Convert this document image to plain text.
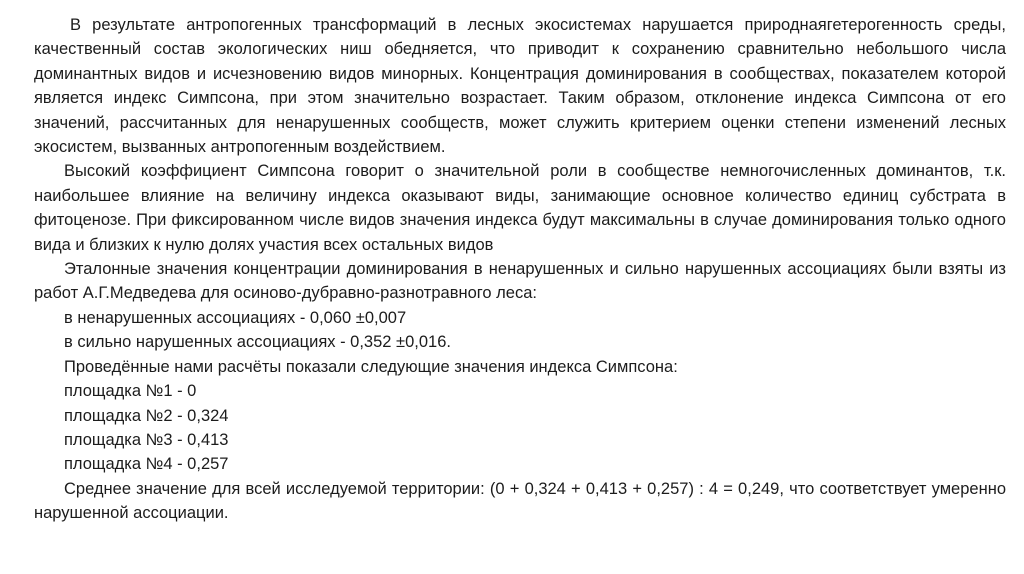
В результате антропогенных трансформаций в лесных экосистемах нарушается природнаягетерогенность среды, качественный состав экологических ниш обедняется, что приводит к сохранению сравнительно небольшого числа доминантных видов и исчезновению видов минорных. Концентрация доминирования в сообществах, показателем которой является индекс Симпсона, при этом значительно возрастает. Таким образом, отклонение индекса Симпсона от его значений, рассчитанных для ненарушенных сообществ, может служить критерием оценки степени изменений лесных экосистем, вызванных антропогенным воздействием.

Высокий коэффициент Симпсона говорит о значительной роли в сообществе немногочисленных доминантов, т.к. наибольшее влияние на величину индекса оказывают виды, занимающие основное количество единиц субстрата в фитоценозе. При фиксированном числе видов значения индекса будут максимальны в случае доминирования только одного вида и близких к нулю долях участия всех остальных видов

Эталонные значения концентрации доминирования в ненарушенных и сильно нарушенных ассоциациях были взяты из работ А.Г.Медведева для осиново-дубравно-разнотравного леса:

в ненарушенных ассоциациях - 0,060 ±0,007

в сильно нарушенных ассоциациях - 0,352 ±0,016.

Проведённые нами расчёты показали следующие значения индекса Симпсона:

площадка №1 - 0

площадка №2 - 0,324

площадка №3 - 0,413

площадка №4 - 0,257

Среднее значение для всей исследуемой территории: (0 + 0,324 + 0,413 + 0,257) : 4 = 0,249, что соответствует умеренно нарушенной ассоциации.
